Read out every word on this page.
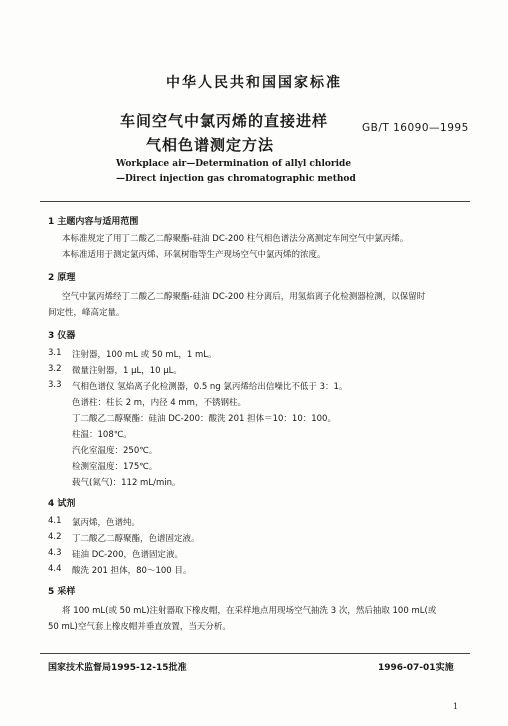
中华人民共和国国家标准
车间空气中氯丙烯的直接进样
气相色谱测定方法
GB/T 16090—1995
Workplace air—Determination of allyl chloride
—Direct injection gas chromatographic method
1 主题内容与适用范围
本标准规定了用丁二酸乙二醇聚酯-硅油 DC-200 柱气相色谱法分离测定车间空气中氯丙烯。
本标准适用于测定氯丙烯、环氧树脂等生产现场空气中氯丙烯的浓度。
2 原理
空气中氯丙烯经丁二酸乙二醇聚酯-硅油 DC-200 柱分离后，用氢焰离子化检测器检测，以保留时
间定性，峰高定量。
3 仪器
3.1 注射器，100 mL 或 50 mL，1 mL。
3.2 微量注射器，1 μL，10 μL。
3.3 气相色谱仪 氢焰离子化检测器，0.5 ng 氯丙烯给出信噪比不低于 3：1。
色谱柱：柱长 2 m，内径 4 mm，不锈钢柱。
丁二酸乙二醇聚酯：硅油 DC-200：酸洗 201 担体＝10：10：100。
柱温：108℃。
汽化室温度：250℃。
检测室温度：175℃。
载气(氮气)：112 mL/min。
4 试剂
4.1 氯丙烯，色谱纯。
4.2 丁二酸乙二醇聚酯，色谱固定液。
4.3 硅油 DC-200，色谱固定液。
4.4 酸洗 201 担体，80～100 目。
5 采样
将 100 mL(或 50 mL)注射器取下橡皮帽，在采样地点用现场空气抽洗 3 次，然后抽取 100 mL(或
50 mL)空气套上橡皮帽并垂直放置，当天分析。
国家技术监督局1995-12-15批准	1996-07-01实施
1
